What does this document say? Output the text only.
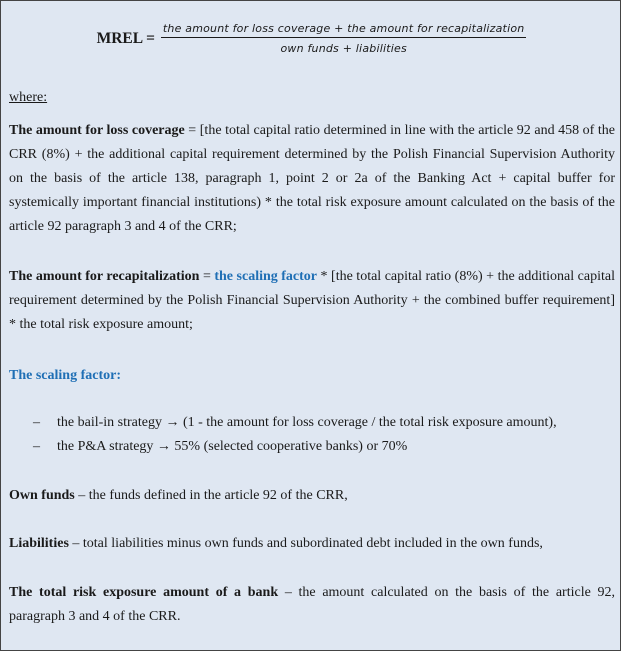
MREL =
the amount for loss coverage + the amount for recapitalization
own funds + liabilities
where:
The amount for loss coverage = [the total capital ratio determined in line with the article 92 and 458 of the CRR (8%) + the additional capital requirement determined by the Polish Financial Supervision Authority on the basis of the article 138, paragraph 1, point 2 or 2a of the Banking Act + capital buffer for systemically important financial institutions) * the total risk exposure amount calculated on the basis of the article 92 paragraph 3 and 4 of the CRR;
The amount for recapitalization = the scaling factor * [the total capital ratio (8%) + the additional capital requirement determined by the Polish Financial Supervision Authority + the combined buffer requirement] * the total risk exposure amount;
The scaling factor:
– the bail-in strategy → (1 - the amount for loss coverage / the total risk exposure amount),
– the P&A strategy → 55% (selected cooperative banks) or 70%
Own funds – the funds defined in the article 92 of the CRR,
Liabilities – total liabilities minus own funds and subordinated debt included in the own funds,
The total risk exposure amount of a bank – the amount calculated on the basis of the article 92, paragraph 3 and 4 of the CRR.
